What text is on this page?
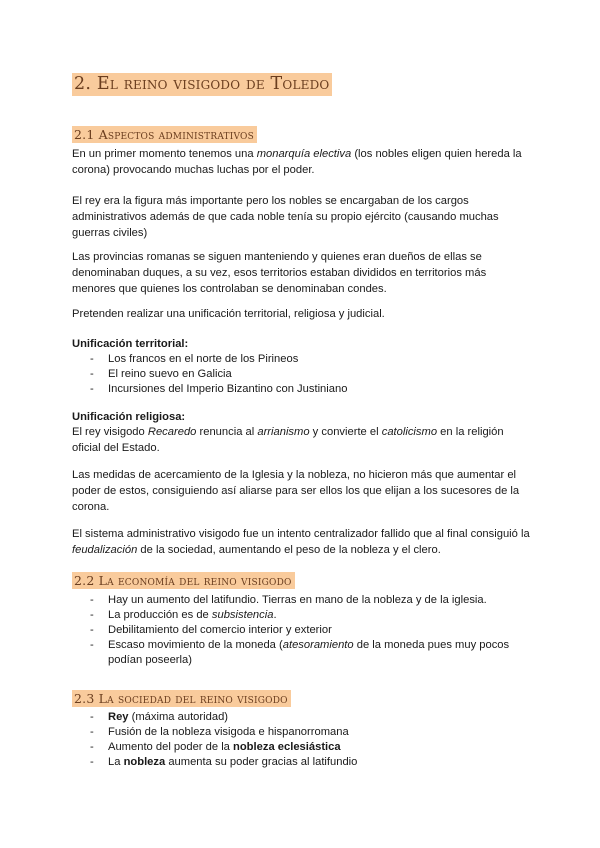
2. El reino visigodo de Toledo
2.1 Aspectos administrativos
En un primer momento tenemos una monarquía electiva (los nobles eligen quien hereda la corona) provocando muchas luchas por el poder.
El rey era la figura más importante pero los nobles se encargaban de los cargos administrativos además de que cada noble tenía su propio ejército (causando muchas guerras civiles)
Las provincias romanas se siguen manteniendo y quienes eran dueños de ellas se denominaban duques, a su vez, esos territorios estaban divididos en territorios más menores que quienes los controlaban se denominaban condes.
Pretenden realizar una unificación territorial, religiosa y judicial.
Unificación territorial:
- Los francos en el norte de los Pirineos
- El reino suevo en Galicia
- Incursiones del Imperio Bizantino con Justiniano
Unificación religiosa:
El rey visigodo Recaredo renuncia al arrianismo y convierte el catolicismo en la religión oficial del Estado.
Las medidas de acercamiento de la Iglesia y la nobleza, no hicieron más que aumentar el poder de estos, consiguiendo así aliarse para ser ellos los que elijan a los sucesores de la corona.
El sistema administrativo visigodo fue un intento centralizador fallido que al final consiguió la feudalización de la sociedad, aumentando el peso de la nobleza y el clero.
2.2 La economía del reino visigodo
- Hay un aumento del latifundio. Tierras en mano de la nobleza y de la iglesia.
- La producción es de subsistencia.
- Debilitamiento del comercio interior y exterior
- Escaso movimiento de la moneda (atesoramiento de la moneda pues muy pocos podían poseerla)
2.3 La sociedad del reino visigodo
- Rey (máxima autoridad)
- Fusión de la nobleza visigoda e hispanorromana
- Aumento del poder de la nobleza eclesiástica
- La nobleza aumenta su poder gracias al latifundio
